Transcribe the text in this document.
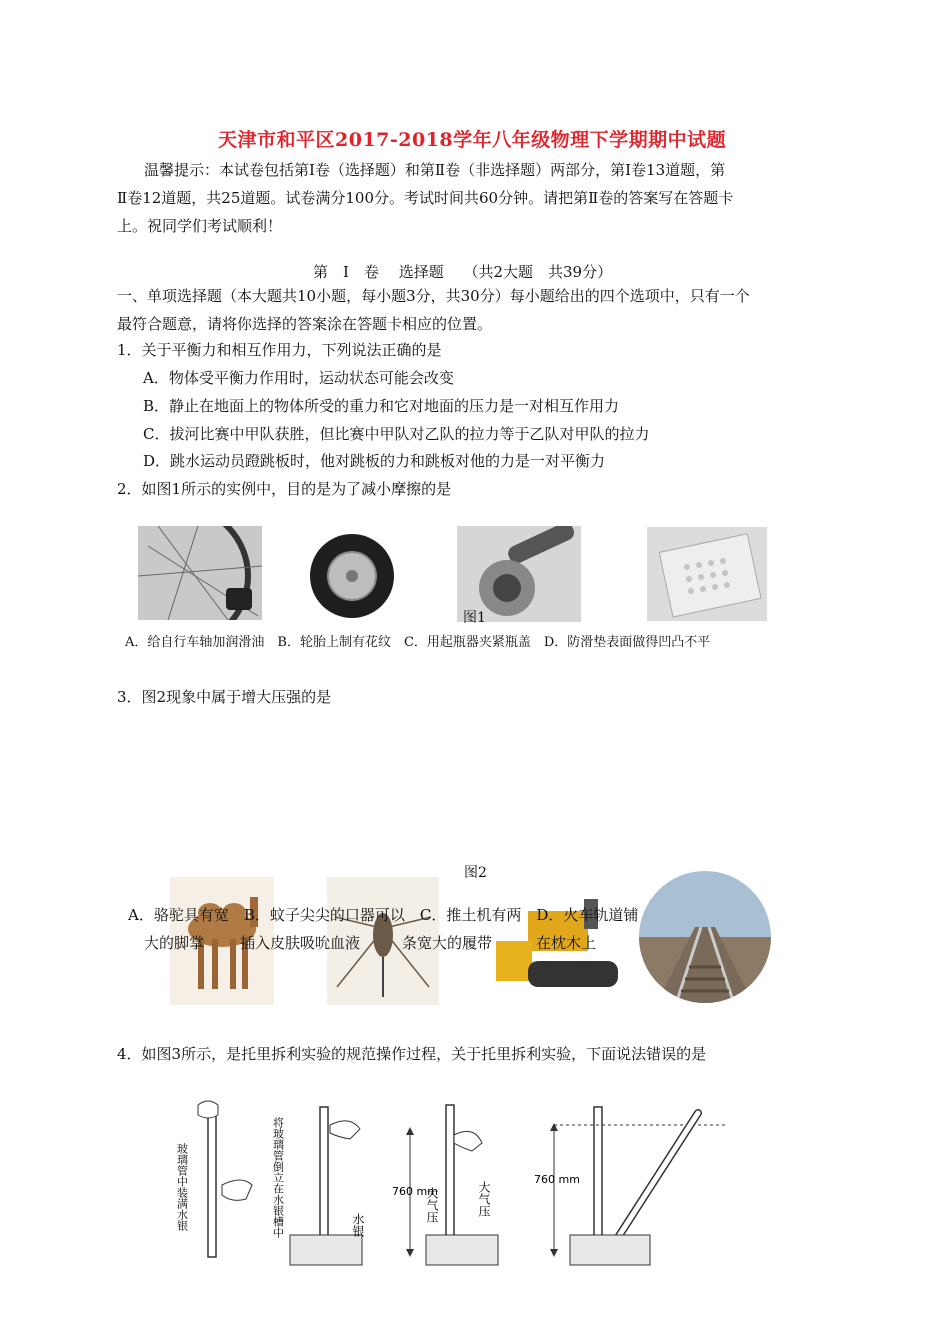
天津市和平区2017-2018学年八年级物理下学期期中试题
温馨提示：本试卷包括第Ⅰ卷（选择题）和第Ⅱ卷（非选择题）两部分，第Ⅰ卷13道题，第
Ⅱ卷12道题，共25道题。试卷满分100分。考试时间共60分钟。请把第Ⅱ卷的答案写在答题卡
上。祝同学们考试顺利！
第　Ⅰ　卷　 选择题　 （共2大题　共39分）
一、单项选择题（本大题共10小题，每小题3分，共30分）每小题给出的四个选项中，只有一个
最符合题意，请将你选择的答案涂在答题卡相应的位置。
1．关于平衡力和相互作用力，下列说法正确的是
A．物体受平衡力作用时，运动状态可能会改变
B．静止在地面上的物体所受的重力和它对地面的压力是一对相互作用力
C．拔河比赛中甲队获胜，但比赛中甲队对乙队的拉力等于乙队对甲队的拉力
D．跳水运动员蹬跳板时，他对跳板的力和跳板对他的力是一对平衡力
2．如图1所示的实例中，目的是为了减小摩擦的是
图1
A．给自行车轴加润滑油　B．轮胎上制有花纹　C．用起瓶器夹紧瓶盖　D．防滑垫表面做得凹凸不平
3．图2现象中属于增大压强的是
图2
A．骆驼具有宽　B．蚊子尖尖的口器可以　C．推土机有两　D．火车轨道铺
大的脚掌 插入皮肤吸吮血液	条宽大的履带	在枕木上
4．如图3所示，是托里拆利实验的规范操作过程，关于托里拆利实验，下面说法错误的是
玻璃管中装满水银	将玻璃管倒立在水银槽中	水银
760 mm
大气压	大气压
760 mm
